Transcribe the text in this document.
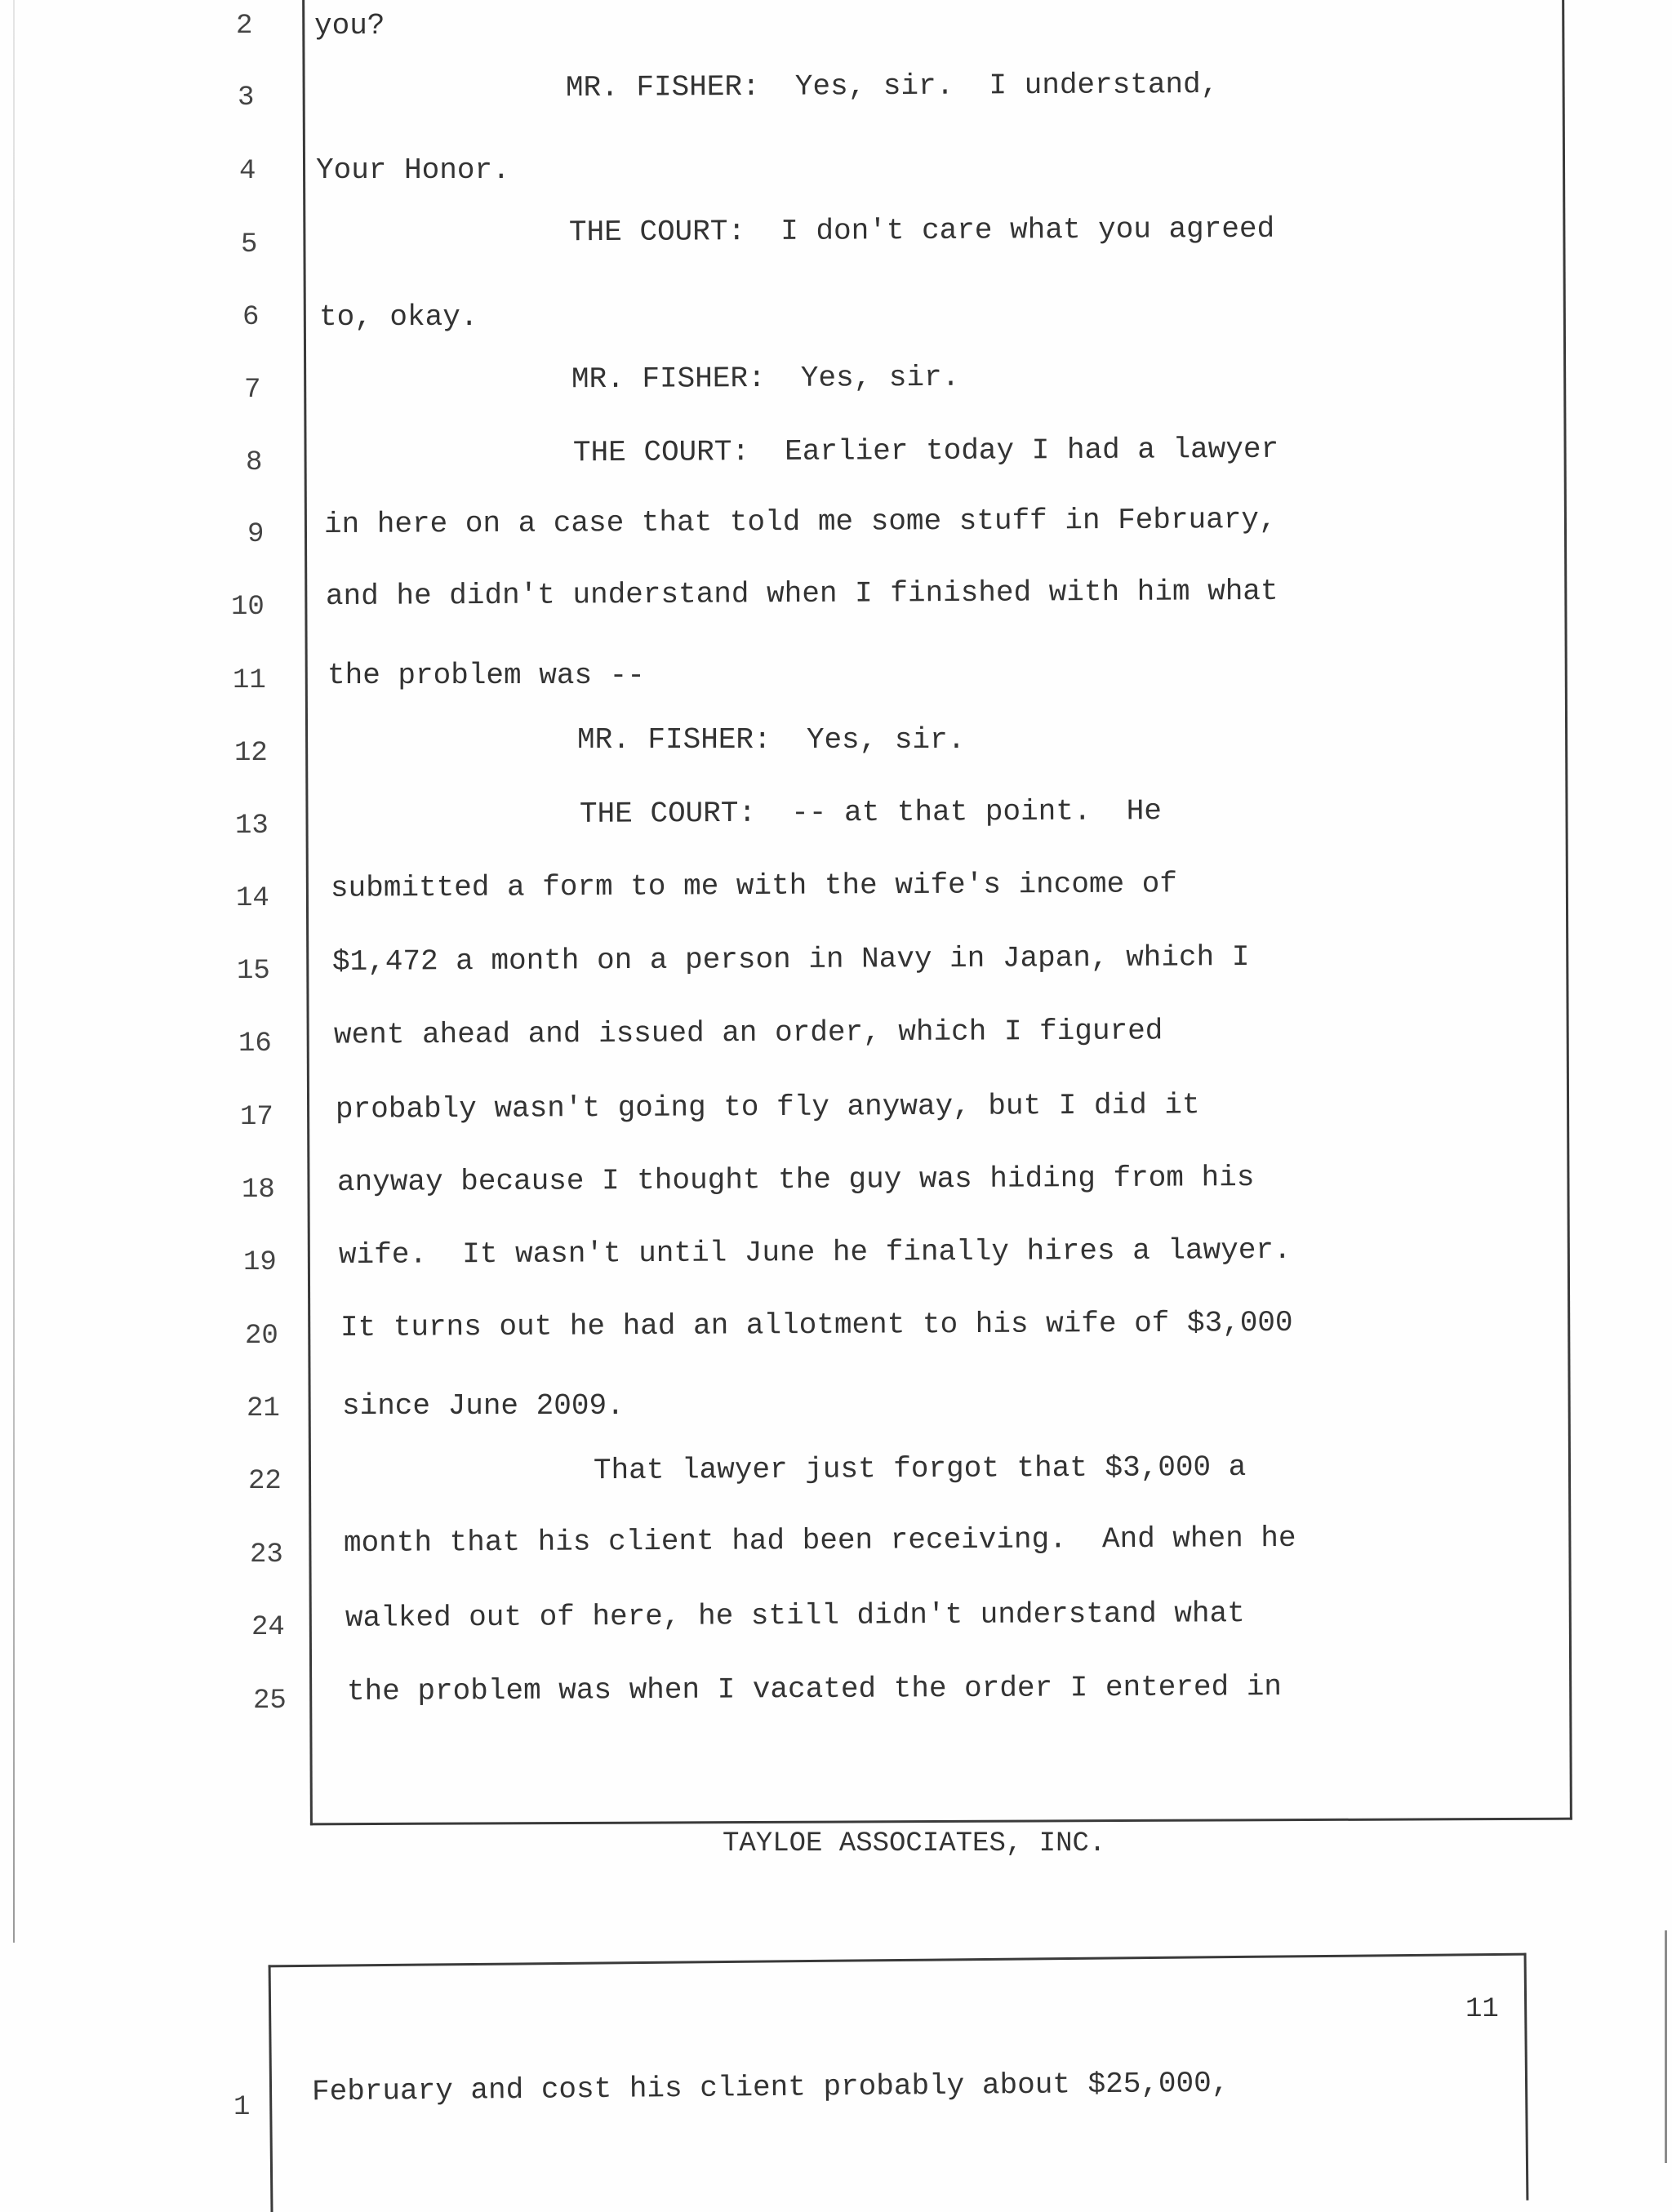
2
3
4
5
6
7
8
9
10
11
12
13
14
15
16
17
18
19
20
21
22
23
24
25
you?
MR. FISHER:  Yes, sir.  I understand,
Your Honor.
THE COURT:  I don't care what you agreed
to, okay.
MR. FISHER:  Yes, sir.
THE COURT:  Earlier today I had a lawyer
in here on a case that told me some stuff in February,
and he didn't understand when I finished with him what
the problem was --
MR. FISHER:  Yes, sir.
THE COURT:  -- at that point.  He
submitted a form to me with the wife's income of
$1,472 a month on a person in Navy in Japan, which I
went ahead and issued an order, which I figured
probably wasn't going to fly anyway, but I did it
anyway because I thought the guy was hiding from his
wife.  It wasn't until June he finally hires a lawyer.
It turns out he had an allotment to his wife of $3,000
since June 2009.
That lawyer just forgot that $3,000 a
month that his client had been receiving.  And when he
walked out of here, he still didn't understand what
the problem was when I vacated the order I entered in
TAYLOE ASSOCIATES, INC.
11
1 February and cost his client probably about $25,000,
